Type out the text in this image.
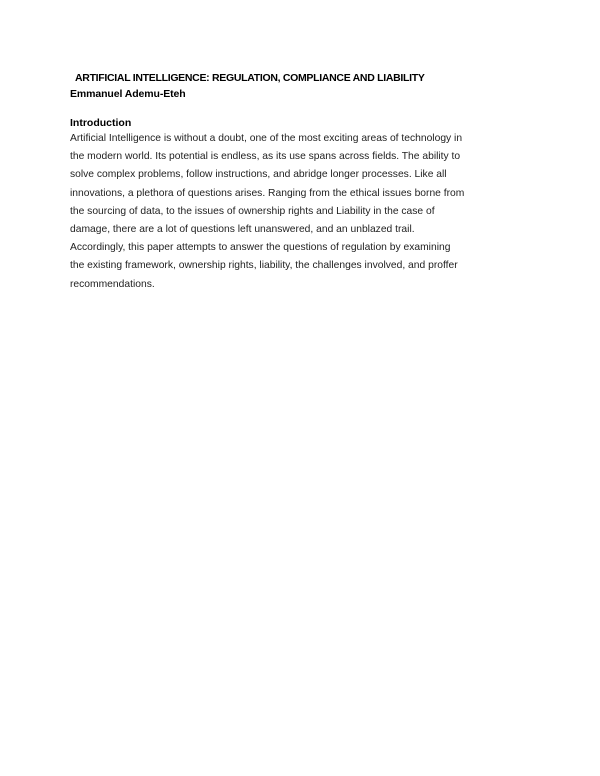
ARTIFICIAL INTELLIGENCE: REGULATION, COMPLIANCE AND LIABILITY
Emmanuel Ademu-Eteh
Introduction

Artificial Intelligence is without a doubt, one of the most exciting areas of technology in
the modern world. Its potential is endless, as its use spans across fields. The ability to
solve complex problems, follow instructions, and abridge longer processes. Like all
innovations, a plethora of questions arises. Ranging from the ethical issues borne from
the sourcing of data, to the issues of ownership rights and Liability in the case of
damage, there are a lot of questions left unanswered, and an unblazed trail.
Accordingly, this paper attempts to answer the questions of regulation by examining
the existing framework, ownership rights, liability, the challenges involved, and proffer
recommendations.
